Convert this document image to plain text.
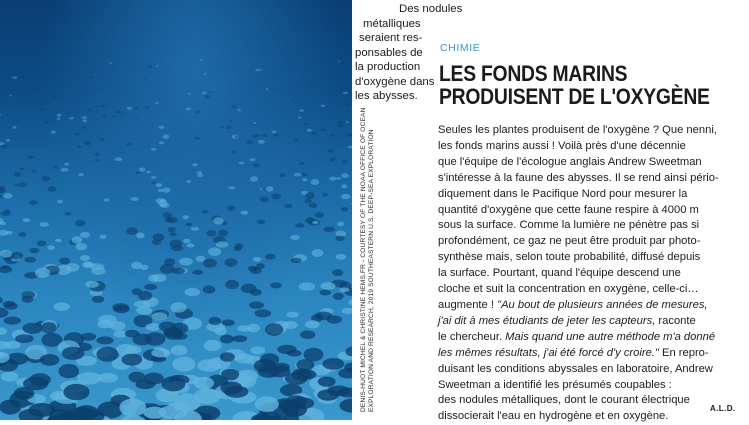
DENIS-HUOT MICHEL & CHRISTINE HEMS.FR - COURTESY OF THE NOAA OFFICE OF OCEAN EXPLORATION AND RESEARCH, 2019 SOUTHEASTERN U.S. DEEP-SEA EXPLORATION
Des nodules
métalliques
seraient res-
ponsables de
la production
d'oxygène dans
les abysses.
CHIMIE
LES FONDS MARINS
PRODUISENT DE L'OXYGÈNE
Seules les plantes produisent de l'oxygène ? Que nenni,
les fonds marins aussi ! Voilà près d'une décennie
que l'équipe de l'écologue anglais Andrew Sweetman
s'intéresse à la faune des abysses. Il se rend ainsi pério-
diquement dans le Pacifique Nord pour mesurer la
quantité d'oxygène que cette faune respire à 4000 m
sous la surface. Comme la lumière ne pénètre pas si
profondément, ce gaz ne peut être produit par photo-
synthèse mais, selon toute probabilité, diffusé depuis
la surface. Pourtant, quand l'équipe descend une
cloche et suit la concentration en oxygène, celle-ci…
augmente ! "Au bout de plusieurs années de mesures,
j'ai dit à mes étudiants de jeter les capteurs, raconte
le chercheur. Mais quand une autre méthode m'a donné
les mêmes résultats, j'ai été forcé d'y croire." En repro-
duisant les conditions abyssales en laboratoire, Andrew
Sweetman a identifié les présumés coupables :
des nodules métalliques, dont le courant électrique
dissocierait l'eau en hydrogène et en oxygène.
A.L.D.
